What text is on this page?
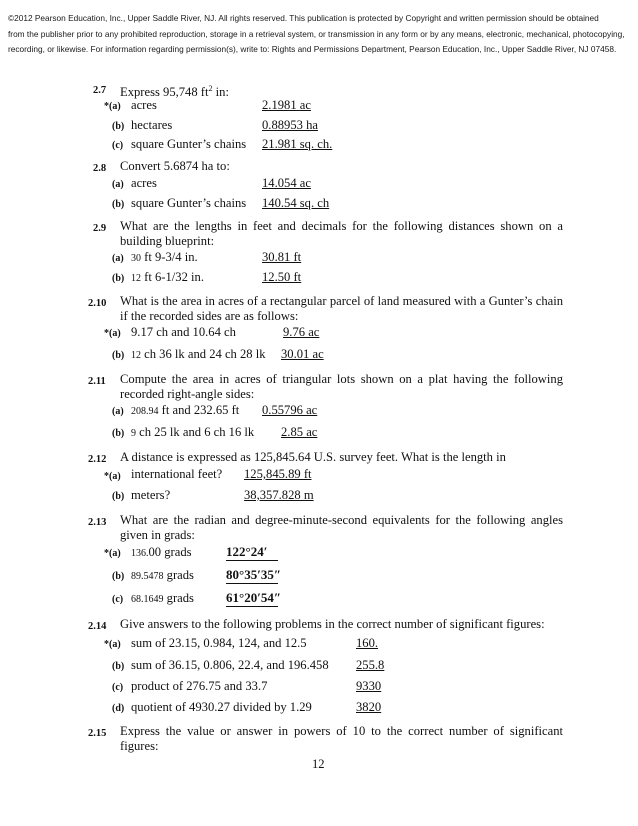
©2012 Pearson Education, Inc., Upper Saddle River, NJ. All rights reserved. This publication is protected by Copyright and written permission should be obtained
from the publisher prior to any prohibited reproduction, storage in a retrieval system, or transmission in any form or by any means, electronic, mechanical, photocopying,
recording, or likewise. For information regarding permission(s), write to: Rights and Permissions Department, Pearson Education, Inc., Upper Saddle River, NJ 07458.
2.7 Express 95,748 $ft^2$ in:
*(a) acres	2.1981 ac
(b) hectares	0.88953 ha
(c) square Gunter’s chains 21.981 sq. ch.
2.8 Convert 5.6874 ha to:
(a) acres	14.054 ac
(b) square Gunter’s chains 140.54 sq. ch
2.9 What are the lengths in feet and decimals for the following distances shown on a
building blueprint:
(a) 30 ft 9-3/4 in.	30.81 ft
(b) 12 ft 6-1/32 in.	12.50 ft
2.10 What is the area in acres of a rectangular parcel of land measured with a Gunter’s chain
if the recorded sides are as follows:
*(a) 9.17 ch and 10.64 ch	9.76 ac
(b) 12 ch 36 lk and 24 ch 28 lk 30.01 ac
2.11 Compute the area in acres of triangular lots shown on a plat having the following
recorded right-angle sides:
(a) 208.94 ft and 232.65 ft 0.55796 ac
(b) 9 ch 25 lk and 6 ch 16 lk 2.85 ac
2.12 A distance is expressed as 125,845.64 U.S. survey feet. What is the length in
*(a) international feet? 125,845.89 ft
(b) meters?	38,357.828 m
2.13 What are the radian and degree-minute-second equivalents for the following angles
given in grads:
*(a) 136.00 grads	122°24′
(b) 89.5478 grads 80°35′35″
(c) 68.1649 grads 61°20′54″
2.14 Give answers to the following problems in the correct number of significant figures:
*(a) sum of 23.15, 0.984, 124, and 12.5	160.
(b) sum of 36.15, 0.806, 22.4, and 196.458 255.8
(c) product of 276.75 and 33.7	9330
(d) quotient of 4930.27 divided by 1.29	3820
2.15 Express the value or answer in powers of 10 to the correct number of significant
figures:
12
